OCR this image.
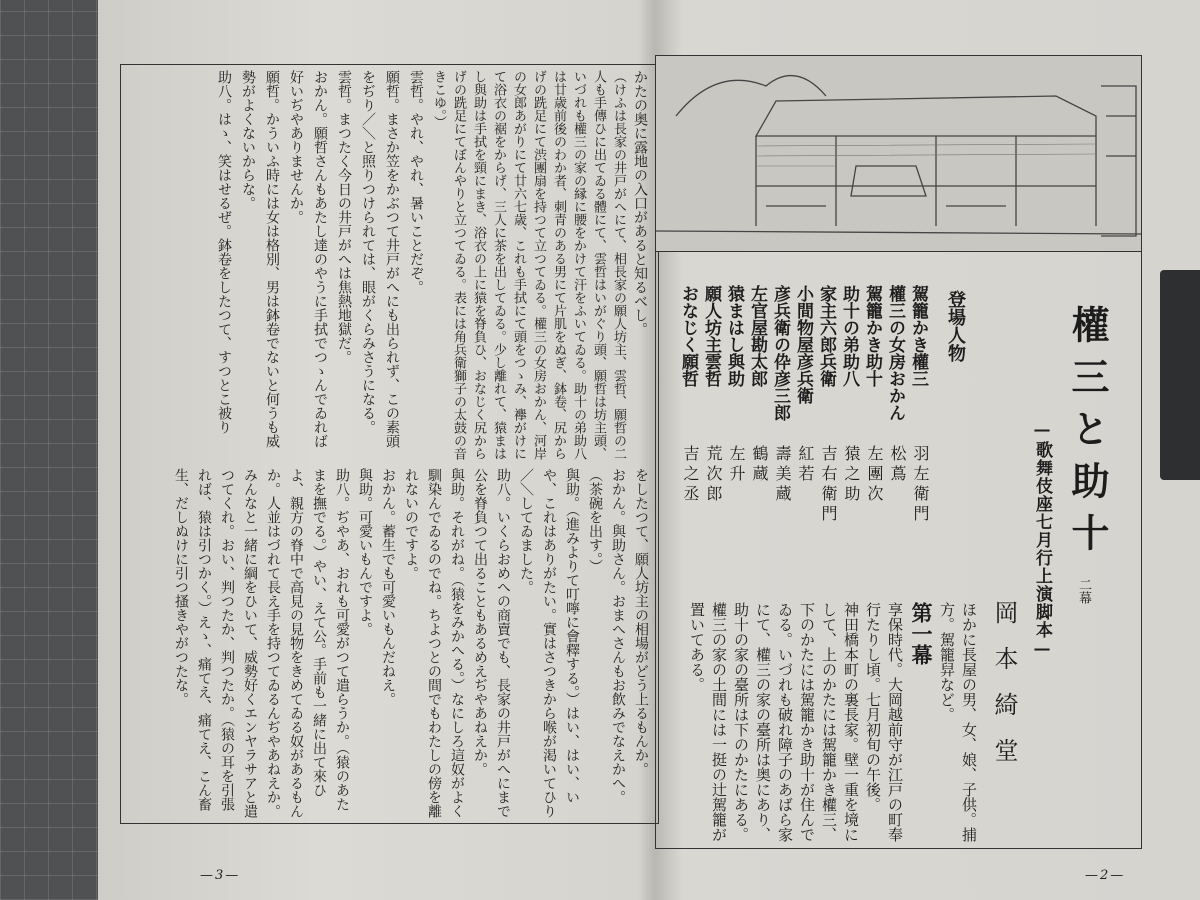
かたの奥に露地の入口があると知るべし。

（けふは長家の井戸がへにて、相長家の願人坊主、雲哲、願哲の二人も手傳ひに出てゐる體にて、雲哲はいがぐり頭、願哲は坊主頭、いづれも權三の家の縁に腰をかけて汗をふいてゐる。助十の弟助八は廿歳前後のわか者、刺青のある男にて片肌をぬぎ、鉢卷、尻からげの跣足にて渋團扇を持つて立つてゐる。權三の女房おかん、河岸の女郎あがりにて廿六七歳、これも手拭にて頭をつゝみ、襷がけにて浴衣の裾をからげ、三人に茶を出してゐる。少し離れて、猿まはし與助は手拭を頸にまき、浴衣の上に猿を脊負ひ、おなじく尻からげの跣足にてぼんやりと立つてゐる。表には角兵衛獅子の太鼓の音きこゆ。）

雲哲。やれ、やれ、暑いことだぞ。

願哲。まさか笠をかぶつて井戸がへにも出られず、この素頭をぢり／＼と照りつけられては、眼がくらみさうになる。

雲哲。まつたく今日の井戸がへは焦熱地獄だ。

おかん。願哲さんもあたし達のやうに手拭でつゝんでゐれば好いぢやありませんか。

願哲。かういふ時には女は格別、男は鉢卷でないと何うも威勢がよくないからな。

助八。はゝ、笑はせるぜ。鉢卷をしたつて、すつとこ被り

をしたつて、願人坊主の相場がどう上るもんか。

おかん。與助さん。おまへさんもお飲みでなえかへ。（茶碗を出す。）

與助。（進みよりて叮嚀に會釋する。）はい、はい、いや、これはありがたい。實はさつきから喉が渇いてひり／＼してゐました。

助八。いくらおめへの商賣でも、長家の井戸がへにまで公を脊負つて出ることもあるめえぢやあねえか。

與助。それがね。（猿をみかへる。）なにしろ這奴がよく馴染んでゐるのでね。ちよつとの間でもわたしの傍を離れないのですよ。

おかん。蓄生でも可愛いもんだねえ。

與助。可愛いもんですよ。

助八。ぢやあ、おれも可愛がつて遣らうか。（猿のあたまを撫でる。）やい、えて公。手前も一緒に出て來ひよ、親方の脊中で高見の見物をきめてゐる奴があるもんか。人並はづれて長え手を持つてゐるんぢやあねえか。みんなと一緒に綱をひいて、威勢好くエンヤラサアと遣つてくれ。おい、判つたか、判つたか。（猿の耳を引張れば、猿は引つかく。）えゝ、痛てえ、痛てえ、こん畜生、だしぬけに引つ搔きやがつたな。

—3—
權三と助十
二幕
—歌舞伎座七月行上演脚本—
岡本綺堂
登場人物
駕籠かき權三
羽左衛門
權三の女房おかん
松蔦
駕籠かき助十
左團次
助十の弟助八
猿之助
家主六郎兵衛
吉右衛門
小間物屋彦兵衛
紅若
彦兵衛の伜彦三郎
壽美蔵
左官屋勘太郎
鶴蔵
猿まはし與助
左升
願人坊主雲哲
荒次郎
おなじく願哲
吉之丞

ほかに長屋の男、女、娘、子供。捕方。駕籠舁など。

第一幕

享保時代。大岡越前守が江戸の町奉行たりし頃。七月初旬の午後。

神田橋本町の裏長家。壁一重を境にして、上のかたには駕籠かき權三、下のかたには駕籠かき助十が住んでゐる。いづれも破れ障子のあばら家にて、權三の家の臺所は奥にあり、助十の家の臺所は下のかたにある。權三の家の土間には一挺の辻駕籠が置いてある。

—2—
